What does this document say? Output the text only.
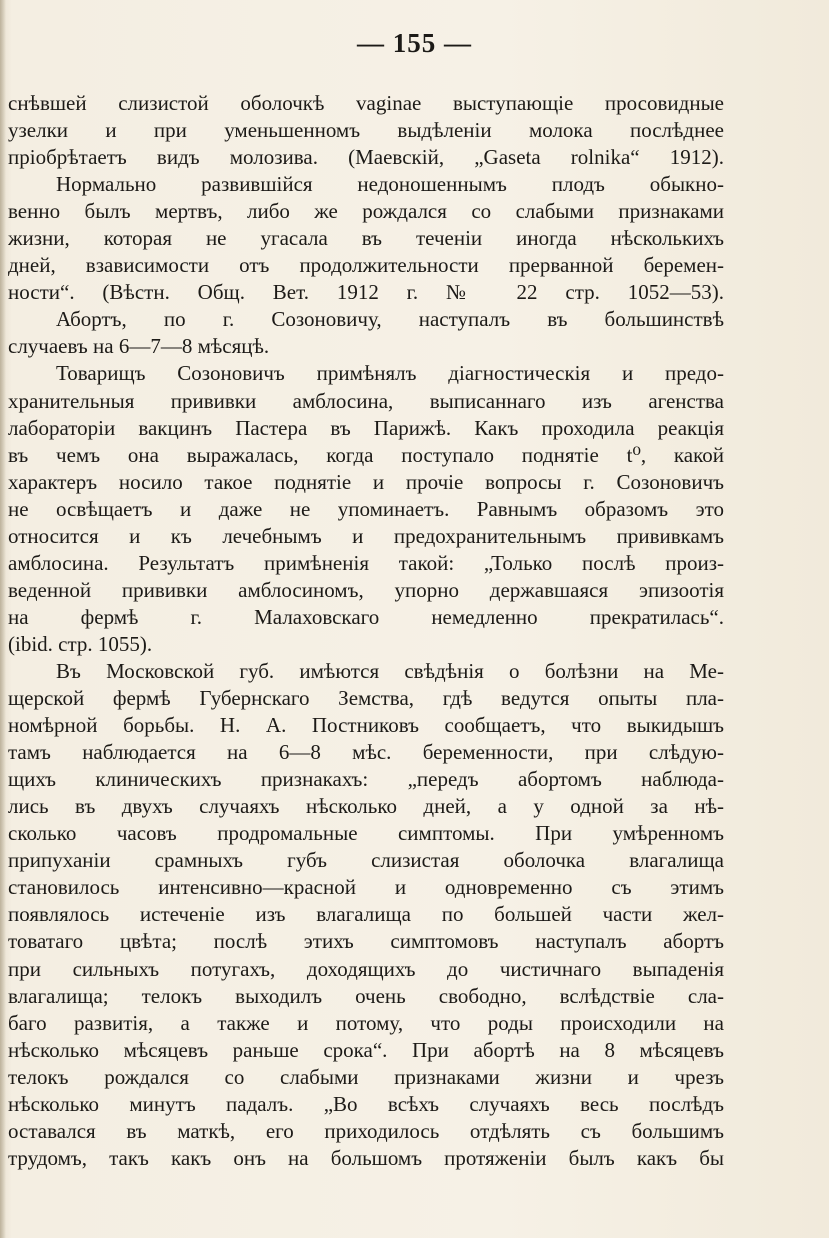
— 155 —
снѣвшей слизистой оболочкѣ vaginae выступающіе просовидные
узелки и при уменьшенномъ выдѣленіи молока послѣднее
пріобрѣтаетъ видъ молозива. (Маевскій, „Gaseta rolnika“ 1912).
Нормально развившійся недоношеннымъ плодъ обыкно-
венно былъ мертвъ, либо же рождался со слабыми признаками
жизни, которая не угасала въ теченіи иногда нѣсколькихъ
дней, взависимости отъ продолжительности прерванной беремен-
ности“. (Вѣстн. Общ. Вет. 1912 г. № 22 стр. 1052—53).
Абортъ, по г. Созоновичу, наступалъ въ большинствѣ
случаевъ на 6—7—8 мѣсяцѣ.
Товарищъ Созоновичъ примѣнялъ діагностическія и предо-
хранительныя прививки амблосина, выписаннаго изъ агенства
лабораторіи вакцинъ Пастера въ Парижѣ. Какъ проходила реакція
въ чемъ она выражалась, когда поступало поднятіе t⁰, какой
характеръ носило такое поднятіе и прочіе вопросы г. Созоновичъ
не освѣщаетъ и даже не упоминаетъ. Равнымъ образомъ это
относится и къ лечебнымъ и предохранительнымъ прививкамъ
амблосина. Результатъ примѣненія такой: „Только послѣ произ-
веденной прививки амблосиномъ, упорно державшаяся эпизоотія
на фермѣ г. Малаховскаго немедленно прекратилась“.
(ibid. стр. 1055).
Въ Московской губ. имѣются свѣдѣнія о болѣзни на Ме-
щерской фермѣ Губернскаго Земства, гдѣ ведутся опыты пла-
номѣрной борьбы. Н. А. Постниковъ сообщаетъ, что выкидышъ
тамъ наблюдается на 6—8 мѣс. беременности, при слѣдую-
щихъ клиническихъ признакахъ: „передъ абортомъ наблюда-
лись въ двухъ случаяхъ нѣсколько дней, а у одной за нѣ-
сколько часовъ продромальные симптомы. При умѣренномъ
припуханіи срамныхъ губъ слизистая оболочка влагалища
становилось интенсивно—красной и одновременно съ этимъ
появлялось истеченіе изъ влагалища по большей части жел-
товатаго цвѣта; послѣ этихъ симптомовъ наступалъ абортъ
при сильныхъ потугахъ, доходящихъ до чистичнаго выпаденія
влагалища; телокъ выходилъ очень свободно, вслѣдствіе сла-
баго развитія, а также и потому, что роды происходили на
нѣсколько мѣсяцевъ раньше срока“. При абортѣ на 8 мѣсяцевъ
телокъ рождался со слабыми признаками жизни и чрезъ
нѣсколько минутъ падалъ. „Во всѣхъ случаяхъ весь послѣдъ
оставался въ маткѣ, его приходилось отдѣлять съ большимъ
трудомъ, такъ какъ онъ на большомъ протяженіи былъ какъ бы
